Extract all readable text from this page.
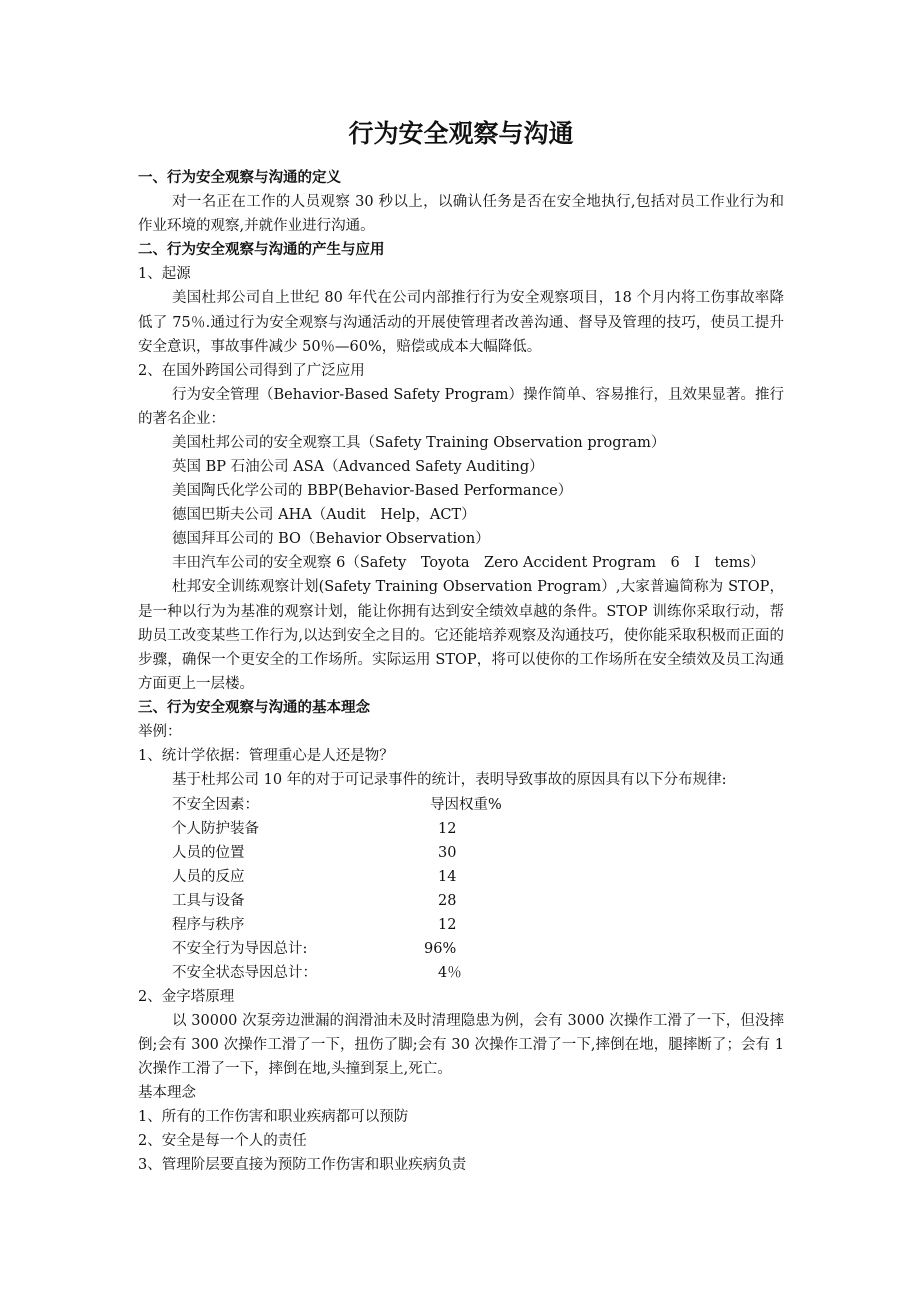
行为安全观察与沟通
一、行为安全观察与沟通的定义

对一名正在工作的人员观察 30 秒以上，以确认任务是否在安全地执行,包括对员工作业行为和作业环境的观察,并就作业进行沟通。

二、行为安全观察与沟通的产生与应用
1、起源

美国杜邦公司自上世纪 80 年代在公司内部推行行为安全观察项目，18 个月内将工伤事故率降低了 75％.通过行为安全观察与沟通活动的开展使管理者改善沟通、督导及管理的技巧，使员工提升安全意识，事故事件减少 50％—60%，赔偿或成本大幅降低。

2、在国外跨国公司得到了广泛应用

行为安全管理（Behavior-Based Safety Program）操作简单、容易推行，且效果显著。推行的著名企业：

美国杜邦公司的安全观察工具（Safety Training Observation program）
英国 BP 石油公司 ASA（Advanced Safety Auditing）
美国陶氏化学公司的 BBP(Behavior-Based Performance）
德国巴斯夫公司 AHA（Audit　Help，ACT）
德国拜耳公司的 BO（Behavior Observation）
丰田汽车公司的安全观察 6（Safety　Toyota　Zero Accident Program　6　I　tems）

杜邦安全训练观察计划(Safety Training Observation Program）,大家普遍简称为 STOP，是一种以行为为基准的观察计划，能让你拥有达到安全绩效卓越的条件。STOP 训练你采取行动，帮助员工改变某些工作行为,以达到安全之目的。它还能培养观察及沟通技巧，使你能采取积极而正面的步骤，确保一个更安全的工作场所。实际运用 STOP，将可以使你的工作场所在安全绩效及员工沟通方面更上一层楼。

三、行为安全观察与沟通的基本理念
举例：
1、统计学依据：管理重心是人还是物？

基于杜邦公司 10 年的对于可记录事件的统计，表明导致事故的原因具有以下分布规律:

不安全因素：	导因权重%
个人防护装备	12
人员的位置	30
人员的反应	14
工具与设备	28
程序与秩序	12
不安全行为导因总计:	96%
不安全状态导因总计：	4％
2、金字塔原理

以 30000 次泵旁边泄漏的润滑油未及时清理隐患为例，会有 3000 次操作工滑了一下，但没摔倒;会有 300 次操作工滑了一下，扭伤了脚;会有 30 次操作工滑了一下,摔倒在地，腿摔断了；会有 1 次操作工滑了一下，摔倒在地,头撞到泵上,死亡。

基本理念
1、所有的工作伤害和职业疾病都可以预防
2、安全是每一个人的责任
3、管理阶层要直接为预防工作伤害和职业疾病负责
